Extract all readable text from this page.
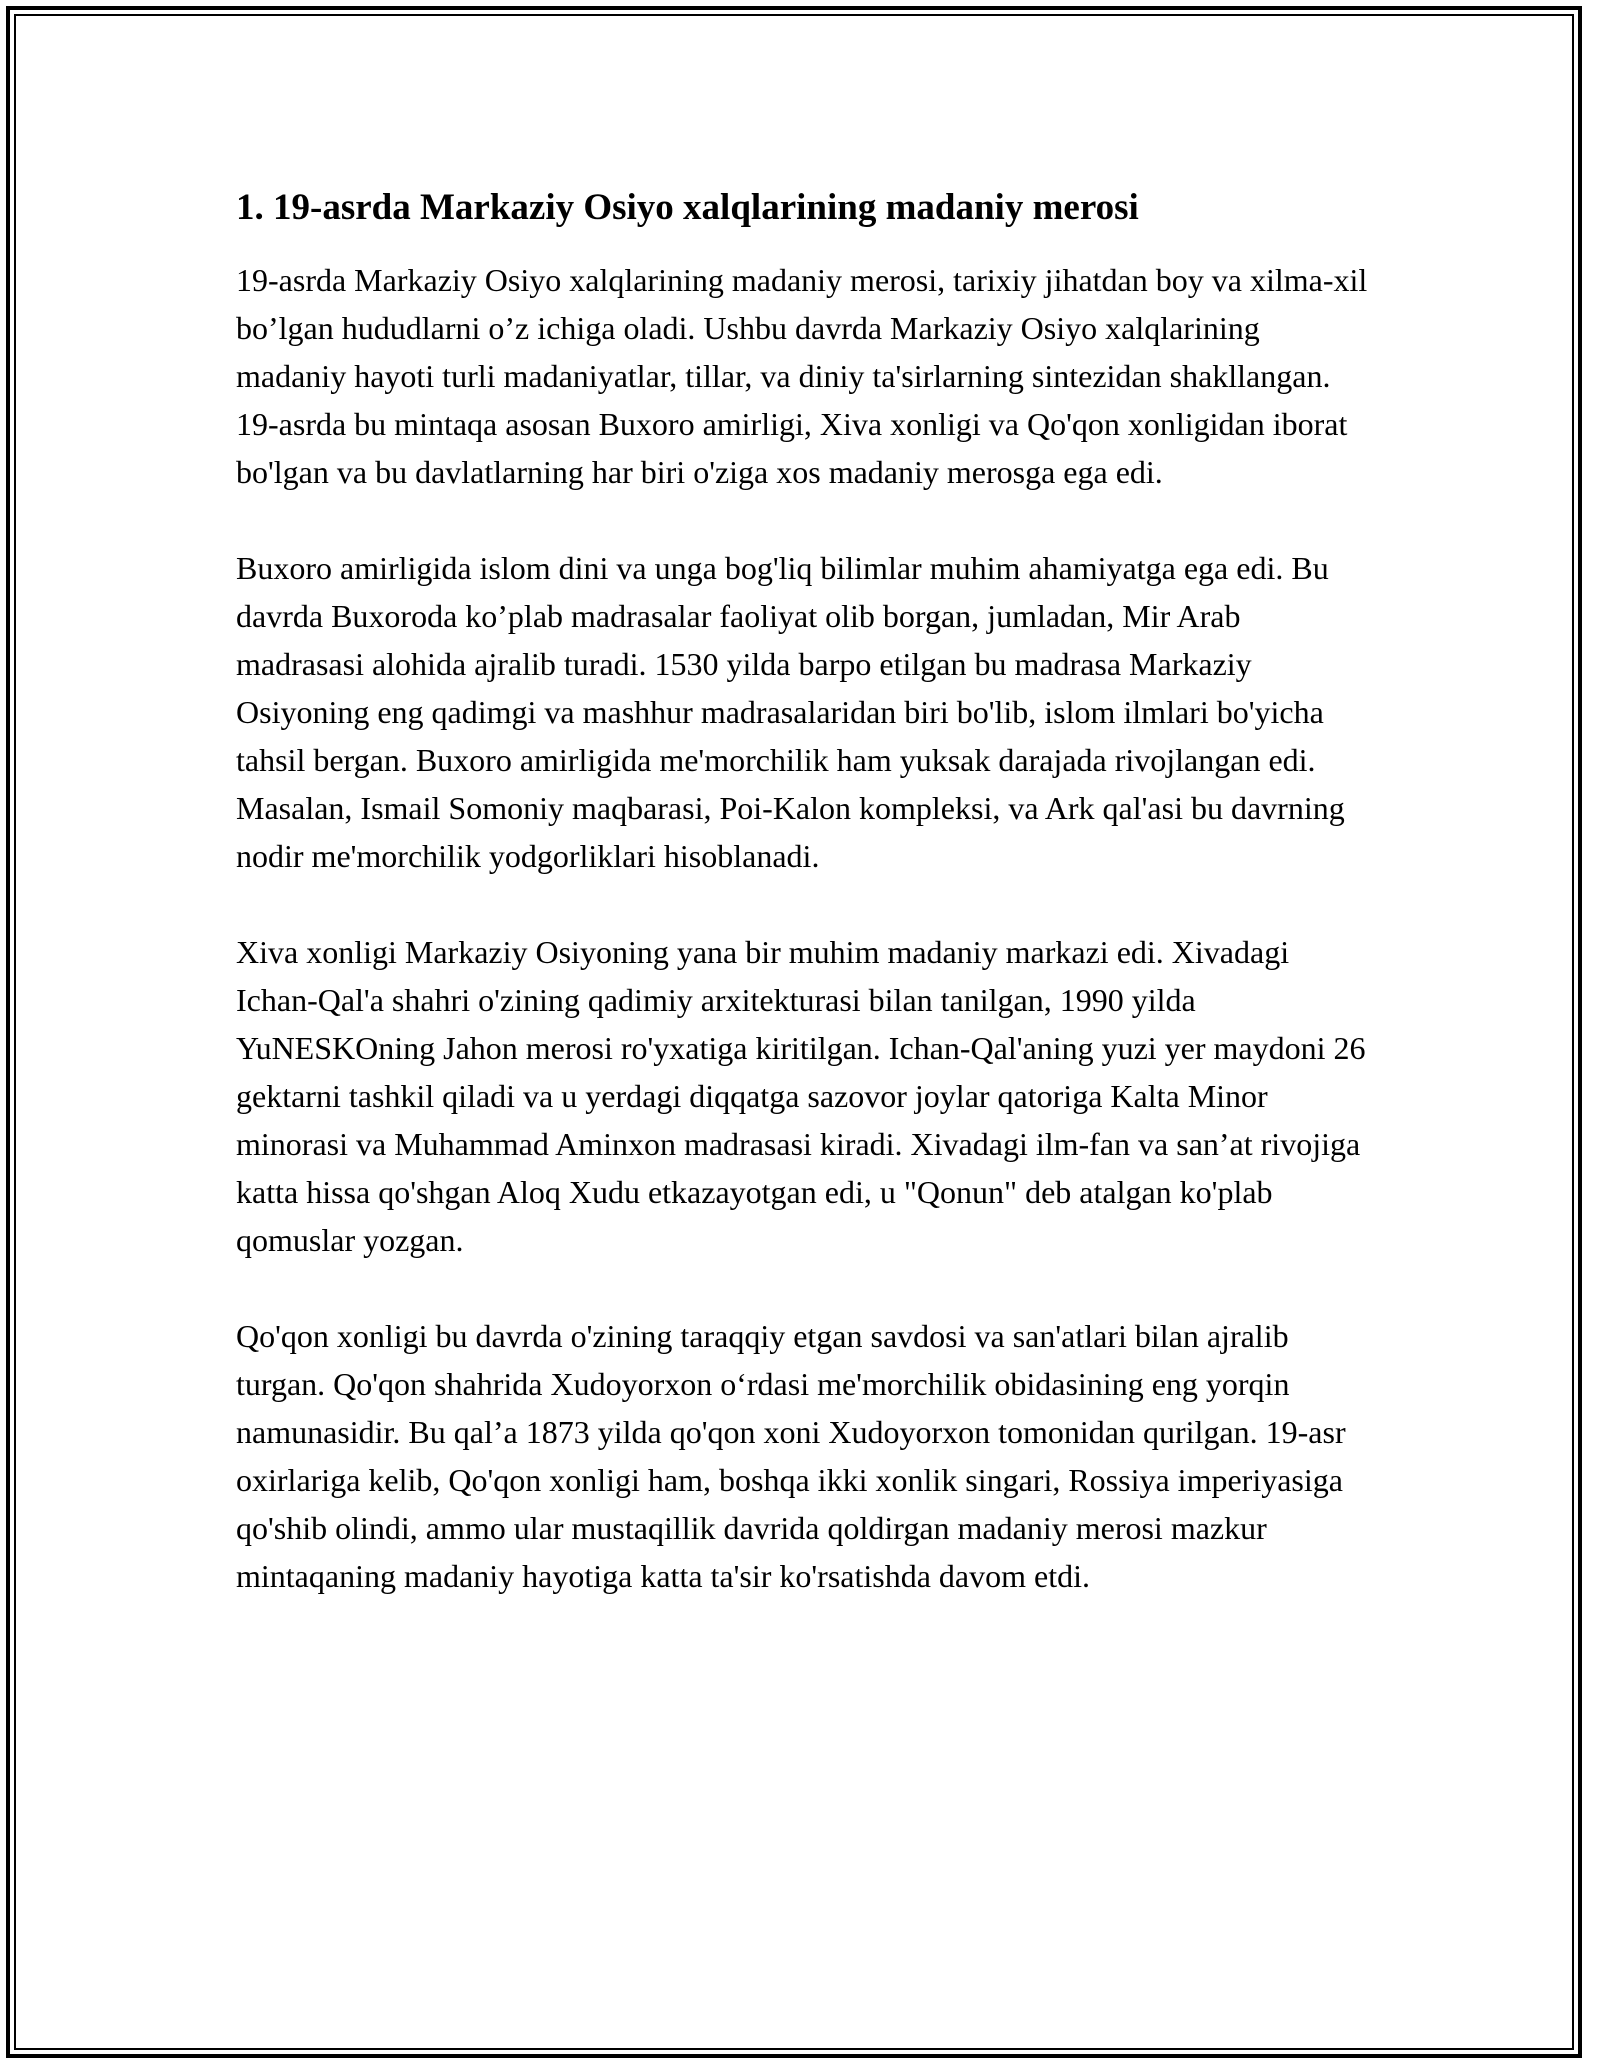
1. 19-asrda Markaziy Osiyo xalqlarining madaniy merosi

19-asrda Markaziy Osiyo xalqlarining madaniy merosi, tarixiy jihatdan boy va xilma-xil bo’lgan hududlarni o’z ichiga oladi. Ushbu davrda Markaziy Osiyo xalqlarining madaniy hayoti turli madaniyatlar, tillar, va diniy ta'sirlarning sintezidan shakllangan. 19-asrda bu mintaqa asosan Buxoro amirligi, Xiva xonligi va Qo'qon xonligidan iborat bo'lgan va bu davlatlarning har biri o'ziga xos madaniy merosga ega edi.

Buxoro amirligida islom dini va unga bog'liq bilimlar muhim ahamiyatga ega edi. Bu davrda Buxoroda ko’plab madrasalar faoliyat olib borgan, jumladan, Mir Arab madrasasi alohida ajralib turadi. 1530 yilda barpo etilgan bu madrasa Markaziy Osiyoning eng qadimgi va mashhur madrasalaridan biri bo'lib, islom ilmlari bo'yicha tahsil bergan. Buxoro amirligida me'morchilik ham yuksak darajada rivojlangan edi. Masalan, Ismail Somoniy maqbarasi, Poi-Kalon kompleksi, va Ark qal'asi bu davrning nodir me'morchilik yodgorliklari hisoblanadi.

Xiva xonligi Markaziy Osiyoning yana bir muhim madaniy markazi edi. Xivadagi Ichan-Qal'a shahri o'zining qadimiy arxitekturasi bilan tanilgan, 1990 yilda YuNESKOning Jahon merosi ro'yxatiga kiritilgan. Ichan-Qal'aning yuzi yer maydoni 26 gektarni tashkil qiladi va u yerdagi diqqatga sazovor joylar qatoriga Kalta Minor minorasi va Muhammad Aminxon madrasasi kiradi. Xivadagi ilm-fan va san’at rivojiga katta hissa qo'shgan Aloq Xudu etkazayotgan edi, u "Qonun" deb atalgan ko'plab qomuslar yozgan.

Qo'qon xonligi bu davrda o'zining taraqqiy etgan savdosi va san'atlari bilan ajralib turgan. Qo'qon shahrida Xudoyorxon o‘rdasi me'morchilik obidasining eng yorqin namunasidir. Bu qal’a 1873 yilda qo'qon xoni Xudoyorxon tomonidan qurilgan. 19-asr oxirlariga kelib, Qo'qon xonligi ham, boshqa ikki xonlik singari, Rossiya imperiyasiga qo'shib olindi, ammo ular mustaqillik davrida qoldirgan madaniy merosi mazkur mintaqaning madaniy hayotiga katta ta'sir ko'rsatishda davom etdi.
